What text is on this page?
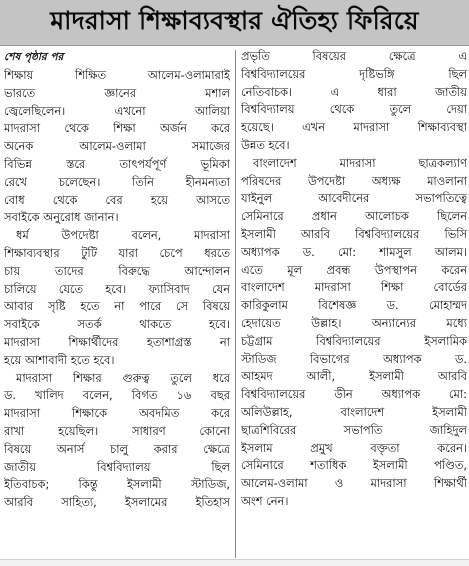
মাদরাসা শিক্ষাব্যবস্থার ঐতিহ্য ফিরিয়ে
শেষ পৃষ্ঠার পর
শিক্ষায় শিক্ষিত আলেম-ওলামারাই
ভারতে জ্ঞানের মশাল
জ্বেলেছিলেন। এখনো আলিয়া
মাদরাসা থেকে শিক্ষা অর্জন করে
অনেক আলেম-ওলামা সমাজের
বিভিন্ন স্তরে তাৎপর্যপূর্ণ ভূমিকা
রেখে চলেছেন। তিনি হীনমন্যতা
বোধ থেকে বের হয়ে আসতে
সবাইকে অনুরোধ জানান।
ধর্ম উপদেষ্টা বলেন, মাদরাসা
শিক্ষাব্যবস্থার টুটি যারা চেপে ধরতে
চায় তাদের বিরুদ্ধে আন্দোলন
চালিয়ে যেতে হবে। ফ্যাসিবাদ যেন
আবার সৃষ্টি হতে না পারে সে বিষয়ে
সবাইকে সতর্ক থাকতে হবে।
মাদরাসা শিক্ষার্থীদের হতাশাগ্রস্ত না
হয়ে আশাবাদী হতে হবে।
মাদরাসা শিক্ষার গুরুত্ব তুলে ধরে
ড. খালিদ বলেন, বিগত ১৬ বছর
মাদরাসা শিক্ষাকে অবদমিত করে
রাখা হয়েছিল। সাধারণ কোনো
বিষয়ে অনার্স চালু করার ক্ষেত্রে
জাতীয় বিশ্ববিদ্যালয় ছিল
ইতিবাচক; কিন্তু ইসলামী স্টাডিজ,
আরবি সাহিত্য, ইসলামের ইতিহাস
প্রভৃতি বিষয়ের ক্ষেত্রে এ
বিশ্ববিদ্যালয়ের দৃষ্টিভঙ্গি ছিল
নেতিবাচক। এ ধারা জাতীয়
বিশ্ববিদ্যালয় থেকে তুলে দেয়া
হয়েছে। এখন মাদরাসা শিক্ষাব্যবস্থা
উন্নত হবে।
বাংলাদেশ মাদরাসা ছাত্রকল্যাণ
পরিষদের উপদেষ্টা অধ্যক্ষ মাওলানা
যাইনুল আবেদীনের সভাপতিত্বে
সেমিনারে প্রধান আলোচক ছিলেন
ইসলামী আরবি বিশ্ববিদ্যালয়ের ভিসি
অধ্যাপক ড. মো: শামসুল আলম।
এতে মূল প্রবন্ধ উপস্থাপন করেন
বাংলাদেশ মাদরাসা শিক্ষা বোর্ডের
কারিকুলাম বিশেষজ্ঞ ড. মোহাম্মদ
হেদায়েত উল্লাহ। অন্যান্যের মধ্যে
চট্টগ্রাম বিশ্ববিদ্যালয়ের ইসলামিক
স্টাডিজ বিভাগের অধ্যাপক ড.
আহমদ আলী, ইসলামী আরবি
বিশ্ববিদ্যালয়ের ডীন অধ্যাপক মো:
অলিউল্লাহ, বাংলাদেশ ইসলামী
ছাত্রশিবিরের সভাপতি জাহিদুল
ইসলাম প্রমুখ বক্তৃতা করেন।
সেমিনারে শতাধিক ইসলামী পণ্ডিত,
আলেম-ওলামা ও মাদরাসা শিক্ষার্থী
অংশ নেন।
